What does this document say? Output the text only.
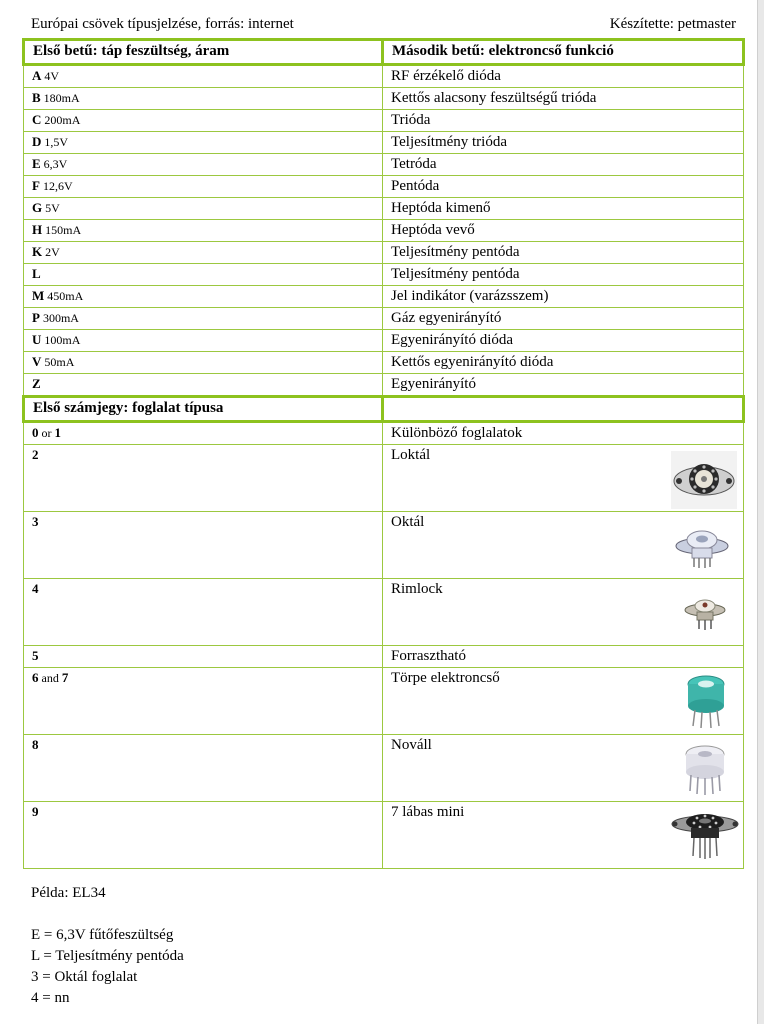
Európai csövek típusjelzése, forrás: internet	Készítette: petmaster
Első betű: táp feszültség, áram	Második betű: elektroncső funkció
A 4V	RF érzékelő dióda
B 180mA	Kettős alacsony feszültségű trióda
C 200mA	Trióda
D 1,5V	Teljesítmény trióda
E 6,3V	Tetróda
F 12,6V	Pentóda
G 5V	Heptóda kimenő
H 150mA	Heptóda vevő
K 2V	Teljesítmény pentóda
L	Teljesítmény pentóda
M 450mA	Jel indikátor (varázsszem)
P 300mA	Gáz egyenirányító
U 100mA	Egyenirányító dióda
V 50mA	Kettős egyenirányító dióda
Z	Egyenirányító
Első számjegy: foglalat típusa	
0 or 1	Különböző foglalatok
2	Loktál

3	Oktál

4	Rimlock

5	Forrasztható
6 and 7	Törpe elektroncső

8	Nováll

9	7 lábas mini
Példa: EL34
E = 6,3V fűtőfeszültség
L = Teljesítmény pentóda
3 = Oktál foglalat
4 = nn
